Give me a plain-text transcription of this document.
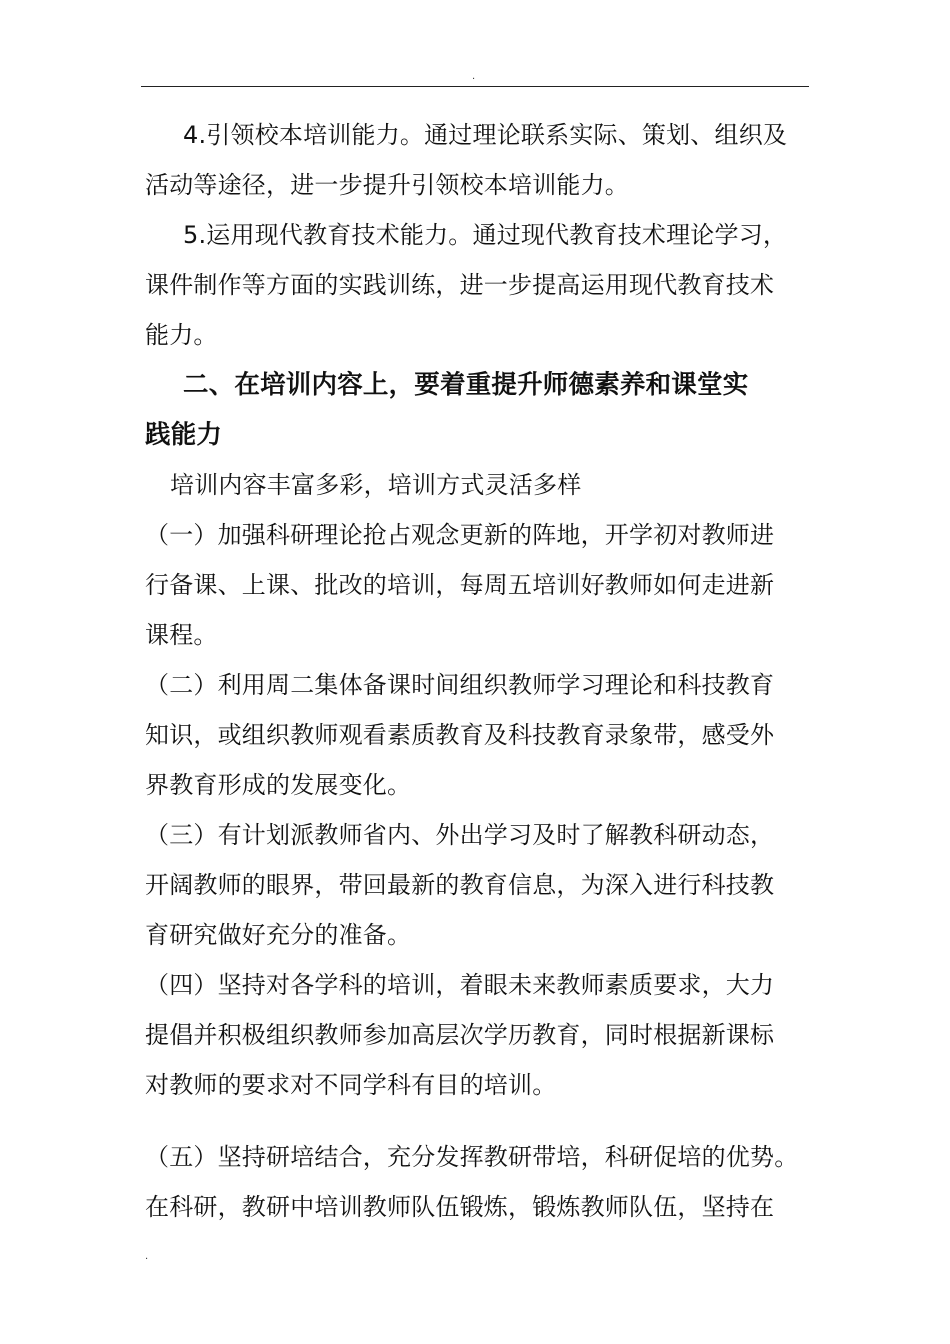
.
4.引领校本培训能力。通过理论联系实际、策划、组织及
活动等途径，进一步提升引领校本培训能力。
5.运用现代教育技术能力。通过现代教育技术理论学习，
课件制作等方面的实践训练，进一步提高运用现代教育技术
能力。
二、在培训内容上，要着重提升师德素养和课堂实
践能力
培训内容丰富多彩，培训方式灵活多样
（一）加强科研理论抢占观念更新的阵地，开学初对教师进
行备课、上课、批改的培训，每周五培训好教师如何走进新
课程。
（二）利用周二集体备课时间组织教师学习理论和科技教育
知识，或组织教师观看素质教育及科技教育录象带，感受外
界教育形成的发展变化。
（三）有计划派教师省内、外出学习及时了解教科研动态，
开阔教师的眼界，带回最新的教育信息，为深入进行科技教
育研究做好充分的准备。
（四）坚持对各学科的培训，着眼未来教师素质要求，大力
提倡并积极组织教师参加高层次学历教育，同时根据新课标
对教师的要求对不同学科有目的培训。
（五）坚持研培结合，充分发挥教研带培，科研促培的优势。
在科研，教研中培训教师队伍锻炼，锻炼教师队伍，坚持在
.
